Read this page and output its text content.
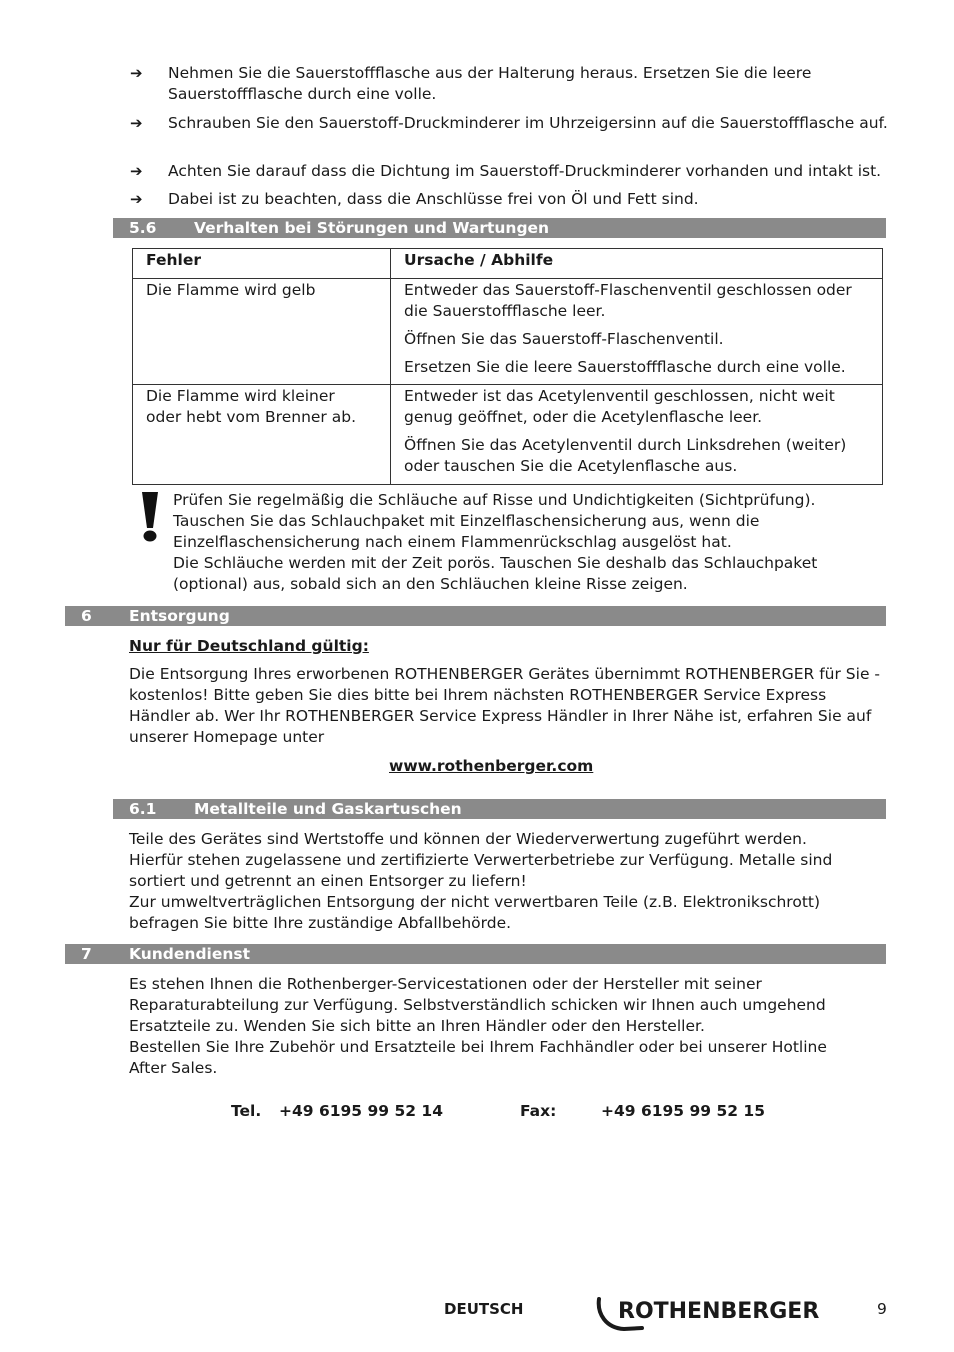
➔	Nehmen Sie die Sauerstoffflasche aus der Halterung heraus. Ersetzen Sie die leere Sauerstoffflasche durch eine volle.
➔	Schrauben Sie den Sauerstoff-Druckminderer im Uhrzeigersinn auf die Sauerstoffflasche auf.
➔	Achten Sie darauf dass die Dichtung im Sauerstoff-Druckminderer vorhanden und intakt ist.
➔	Dabei ist zu beachten, dass die Anschlüsse frei von Öl und Fett sind.
5.6 Verhalten bei Störungen und Wartungen
Fehler	Ursache / Abhilfe

Die Flamme wird gelb	Entweder das Sauerstoff-Flaschenventil geschlossen oder die Sauerstoffflasche leer.

Öffnen Sie das Sauerstoff-Flaschenventil.

Ersetzen Sie die leere Sauerstoffflasche durch eine volle.

Die Flamme wird kleiner oder hebt vom Brenner ab.	Entweder ist das Acetylenventil geschlossen, nicht weit genug geöffnet, oder die Acetylenflasche leer.

Öffnen Sie das Acetylenventil durch Linksdrehen (weiter) oder tauschen Sie die Acetylenflasche aus.

Prüfen Sie regelmäßig die Schläuche auf Risse und Undichtigkeiten (Sichtprüfung).
Tauschen Sie das Schlauchpaket mit Einzelflaschensicherung aus, wenn die
Einzelflaschensicherung nach einem Flammenrückschlag ausgelöst hat.
Die Schläuche werden mit der Zeit porös. Tauschen Sie deshalb das Schlauchpaket
(optional) aus, sobald sich an den Schläuchen kleine Risse zeigen.
6 Entsorgung
Nur für Deutschland gültig:
Die Entsorgung Ihres erworbenen ROTHENBERGER Gerätes übernimmt ROTHENBERGER für Sie - kostenlos! Bitte geben Sie dies bitte bei Ihrem nächsten ROTHENBERGER Service Express Händler ab. Wer Ihr ROTHENBERGER Service Express Händler in Ihrer Nähe ist, erfahren Sie auf unserer Homepage unter
www.rothenberger.com
6.1 Metallteile und Gaskartuschen
Teile des Gerätes sind Wertstoffe und können der Wiederverwertung zugeführt werden.
Hierfür stehen zugelassene und zertifizierte Verwerterbetriebe zur Verfügung. Metalle sind sortiert und getrennt an einen Entsorger zu liefern!
Zur umweltverträglichen Entsorgung der nicht verwertbaren Teile (z.B. Elektronikschrott) befragen Sie bitte Ihre zuständige Abfallbehörde.
7 Kundendienst
Es stehen Ihnen die Rothenberger-Servicestationen oder der Hersteller mit seiner Reparaturabteilung zur Verfügung. Selbstverständlich schicken wir Ihnen auch umgehend Ersatzteile zu. Wenden Sie sich bitte an Ihren Händler oder den Hersteller.
Bestellen Sie Ihre Zubehör und Ersatzteile bei Ihrem Fachhändler oder bei unserer Hotline After Sales.
Tel. +49 6195 99 52 14	Fax:	+49 6195 99 52 15
DEUTSCH	ROTHENBERGER	9
